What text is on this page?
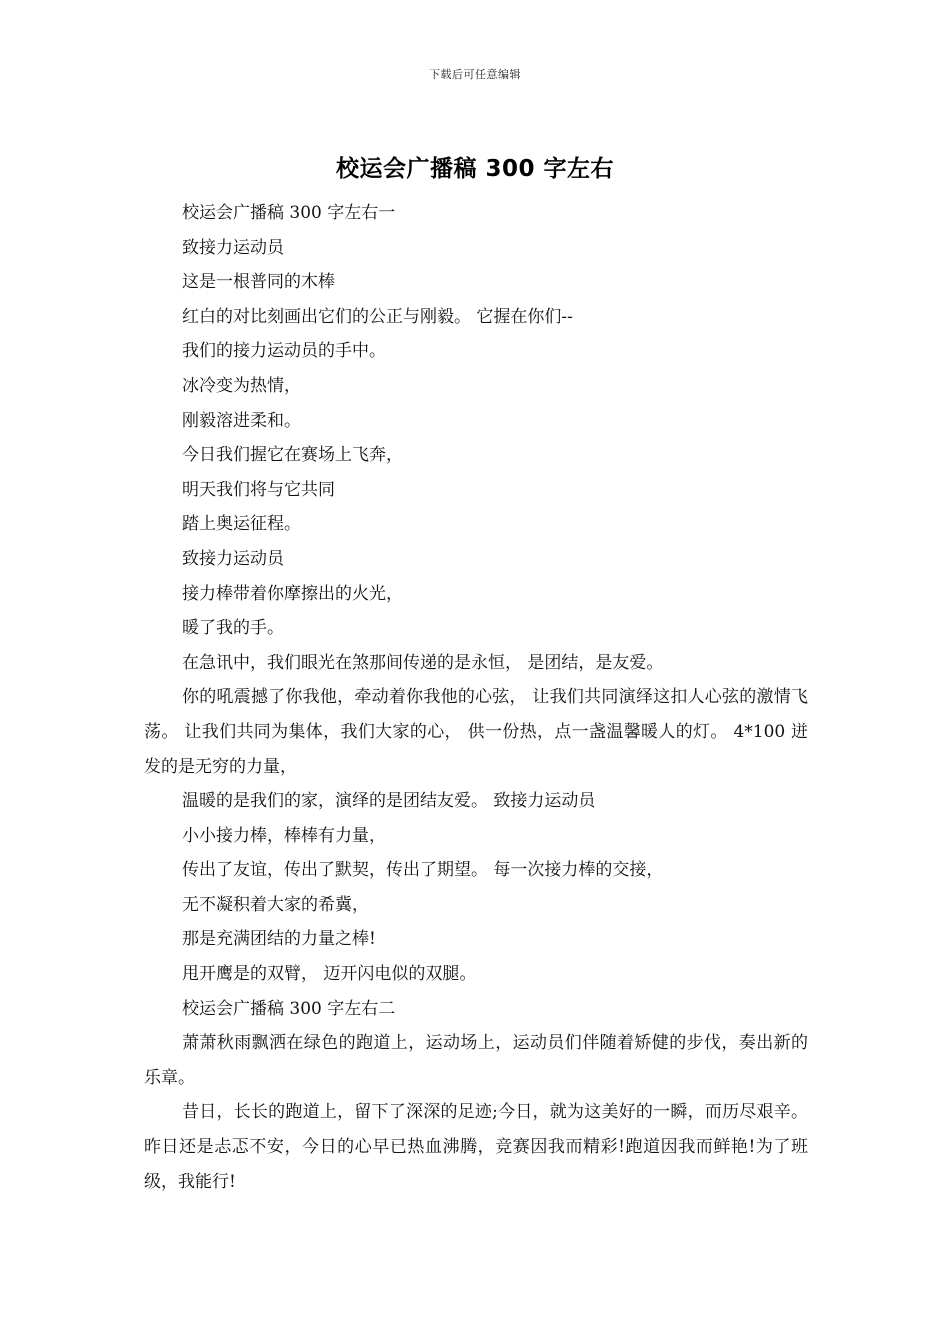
下载后可任意编辑
校运会广播稿 300 字左右

校运会广播稿 300 字左右一

致接力运动员

这是一根普同的木棒

红白的对比刻画出它们的公正与刚毅。 它握在你们--

我们的接力运动员的手中。

冰冷变为热情，

刚毅溶进柔和。

今日我们握它在赛场上飞奔，

明天我们将与它共同

踏上奥运征程。

致接力运动员

接力棒带着你摩擦出的火光，

暖了我的手。

在急讯中，我们眼光在煞那间传递的是永恒， 是团结，是友爱。

你的吼震撼了你我他，牵动着你我他的心弦， 让我们共同演绎这扣人心弦的激情飞荡。 让我们共同为集体，我们大家的心， 供一份热，点一盏温馨暖人的灯。 4*100 迸发的是无穷的力量，

温暖的是我们的家，演绎的是团结友爱。 致接力运动员

小小接力棒，棒棒有力量，

传出了友谊，传出了默契，传出了期望。 每一次接力棒的交接，

无不凝积着大家的希冀，

那是充满团结的力量之棒!

甩开鹰是的双臂， 迈开闪电似的双腿。

校运会广播稿 300 字左右二

萧萧秋雨飘洒在绿色的跑道上，运动场上，运动员们伴随着矫健的步伐，奏出新的乐章。

昔日，长长的跑道上，留下了深深的足迹;今日，就为这美好的一瞬，而历尽艰辛。昨日还是忐忑不安，今日的心早已热血沸腾，竞赛因我而精彩!跑道因我而鲜艳!为了班级，我能行!
